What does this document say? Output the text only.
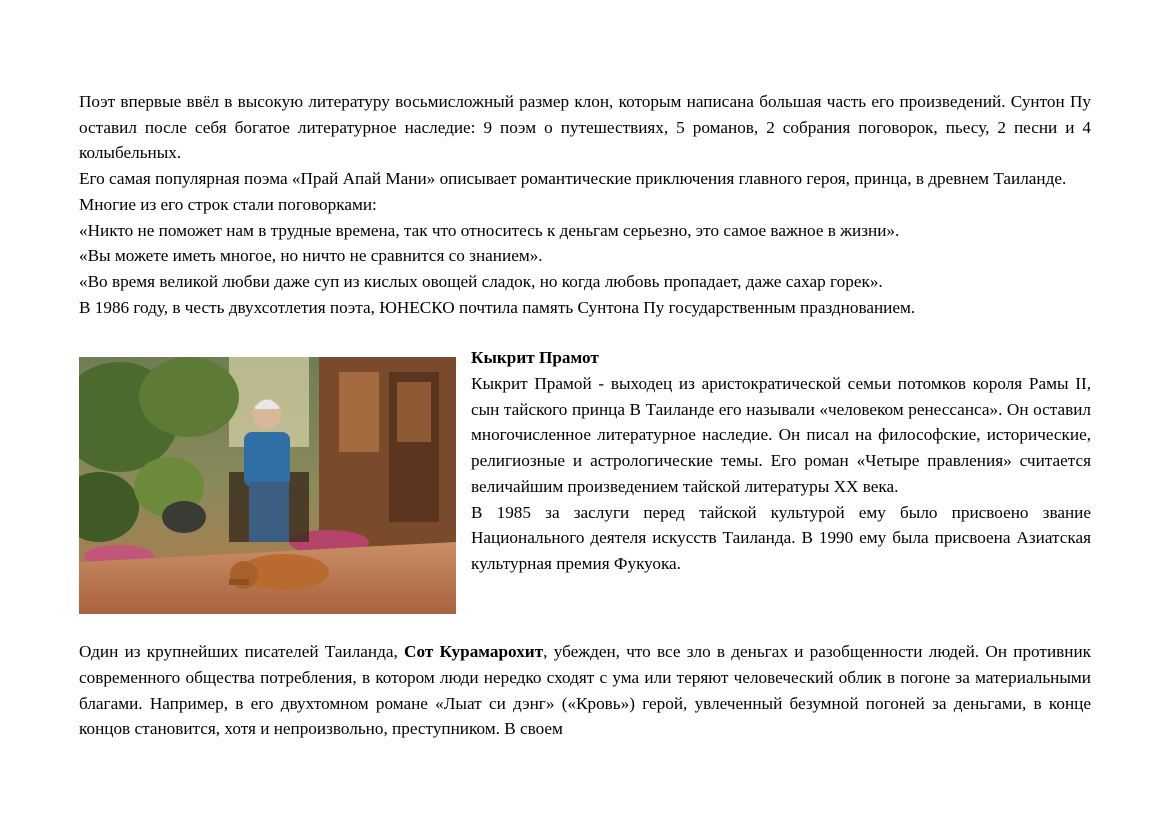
Поэт впервые ввёл в высокую литературу восьмисложный размер клон, которым написана большая часть его произведений. Сунтон Пу оставил после себя богатое литературное наследие: 9 поэм о путешествиях, 5 романов, 2 собрания поговорок, пьесу, 2 песни и 4 колыбельных.

Его самая популярная поэма «Прай Апай Мани» описывает романтические приключения главного героя, принца, в древнем Таиланде.

Многие из его строк стали поговорками:

«Никто не поможет нам в трудные времена, так что относитесь к деньгам серьезно, это самое важное в жизни».

«Вы можете иметь многое, но ничто не сравнится со знанием».

«Во время великой любви даже суп из кислых овощей сладок, но когда любовь пропадает, даже сахар горек».

В 1986 году, в честь двухсотлетия поэта, ЮНЕСКО почтила память Сунтона Пу государственным празднованием.

Кыкрит Прамот

Кыкрит Прамой - выходец из аристократической семьи потомков короля Рамы II, сын тайского принца В Таиланде его называли «человеком ренессанса». Он оставил многочисленное литературное наследие. Он писал на философские, исторические, религиозные и астрологические темы. Его роман «Четыре правления» считается величайшим произведением тайской литературы XX века.

В 1985 за заслуги перед тайской культурой ему было присвоено звание Национального деятеля искусств Таиланда. В 1990 ему была присвоена Азиатская культурная премия Фукуока.

Один из крупнейших писателей Таиланда, Сот Курамарохит, убежден, что все зло в деньгах и разобщенности людей. Он противник современного общества потребления, в котором люди нередко сходят с ума или теряют человеческий облик в погоне за материальными благами. Например, в его двухтомном романе «Лыат си дэнг» («Кровь») герой, увлеченный безумной погоней за деньгами, в конце концов становится, хотя и непроизвольно, преступником. В своем
